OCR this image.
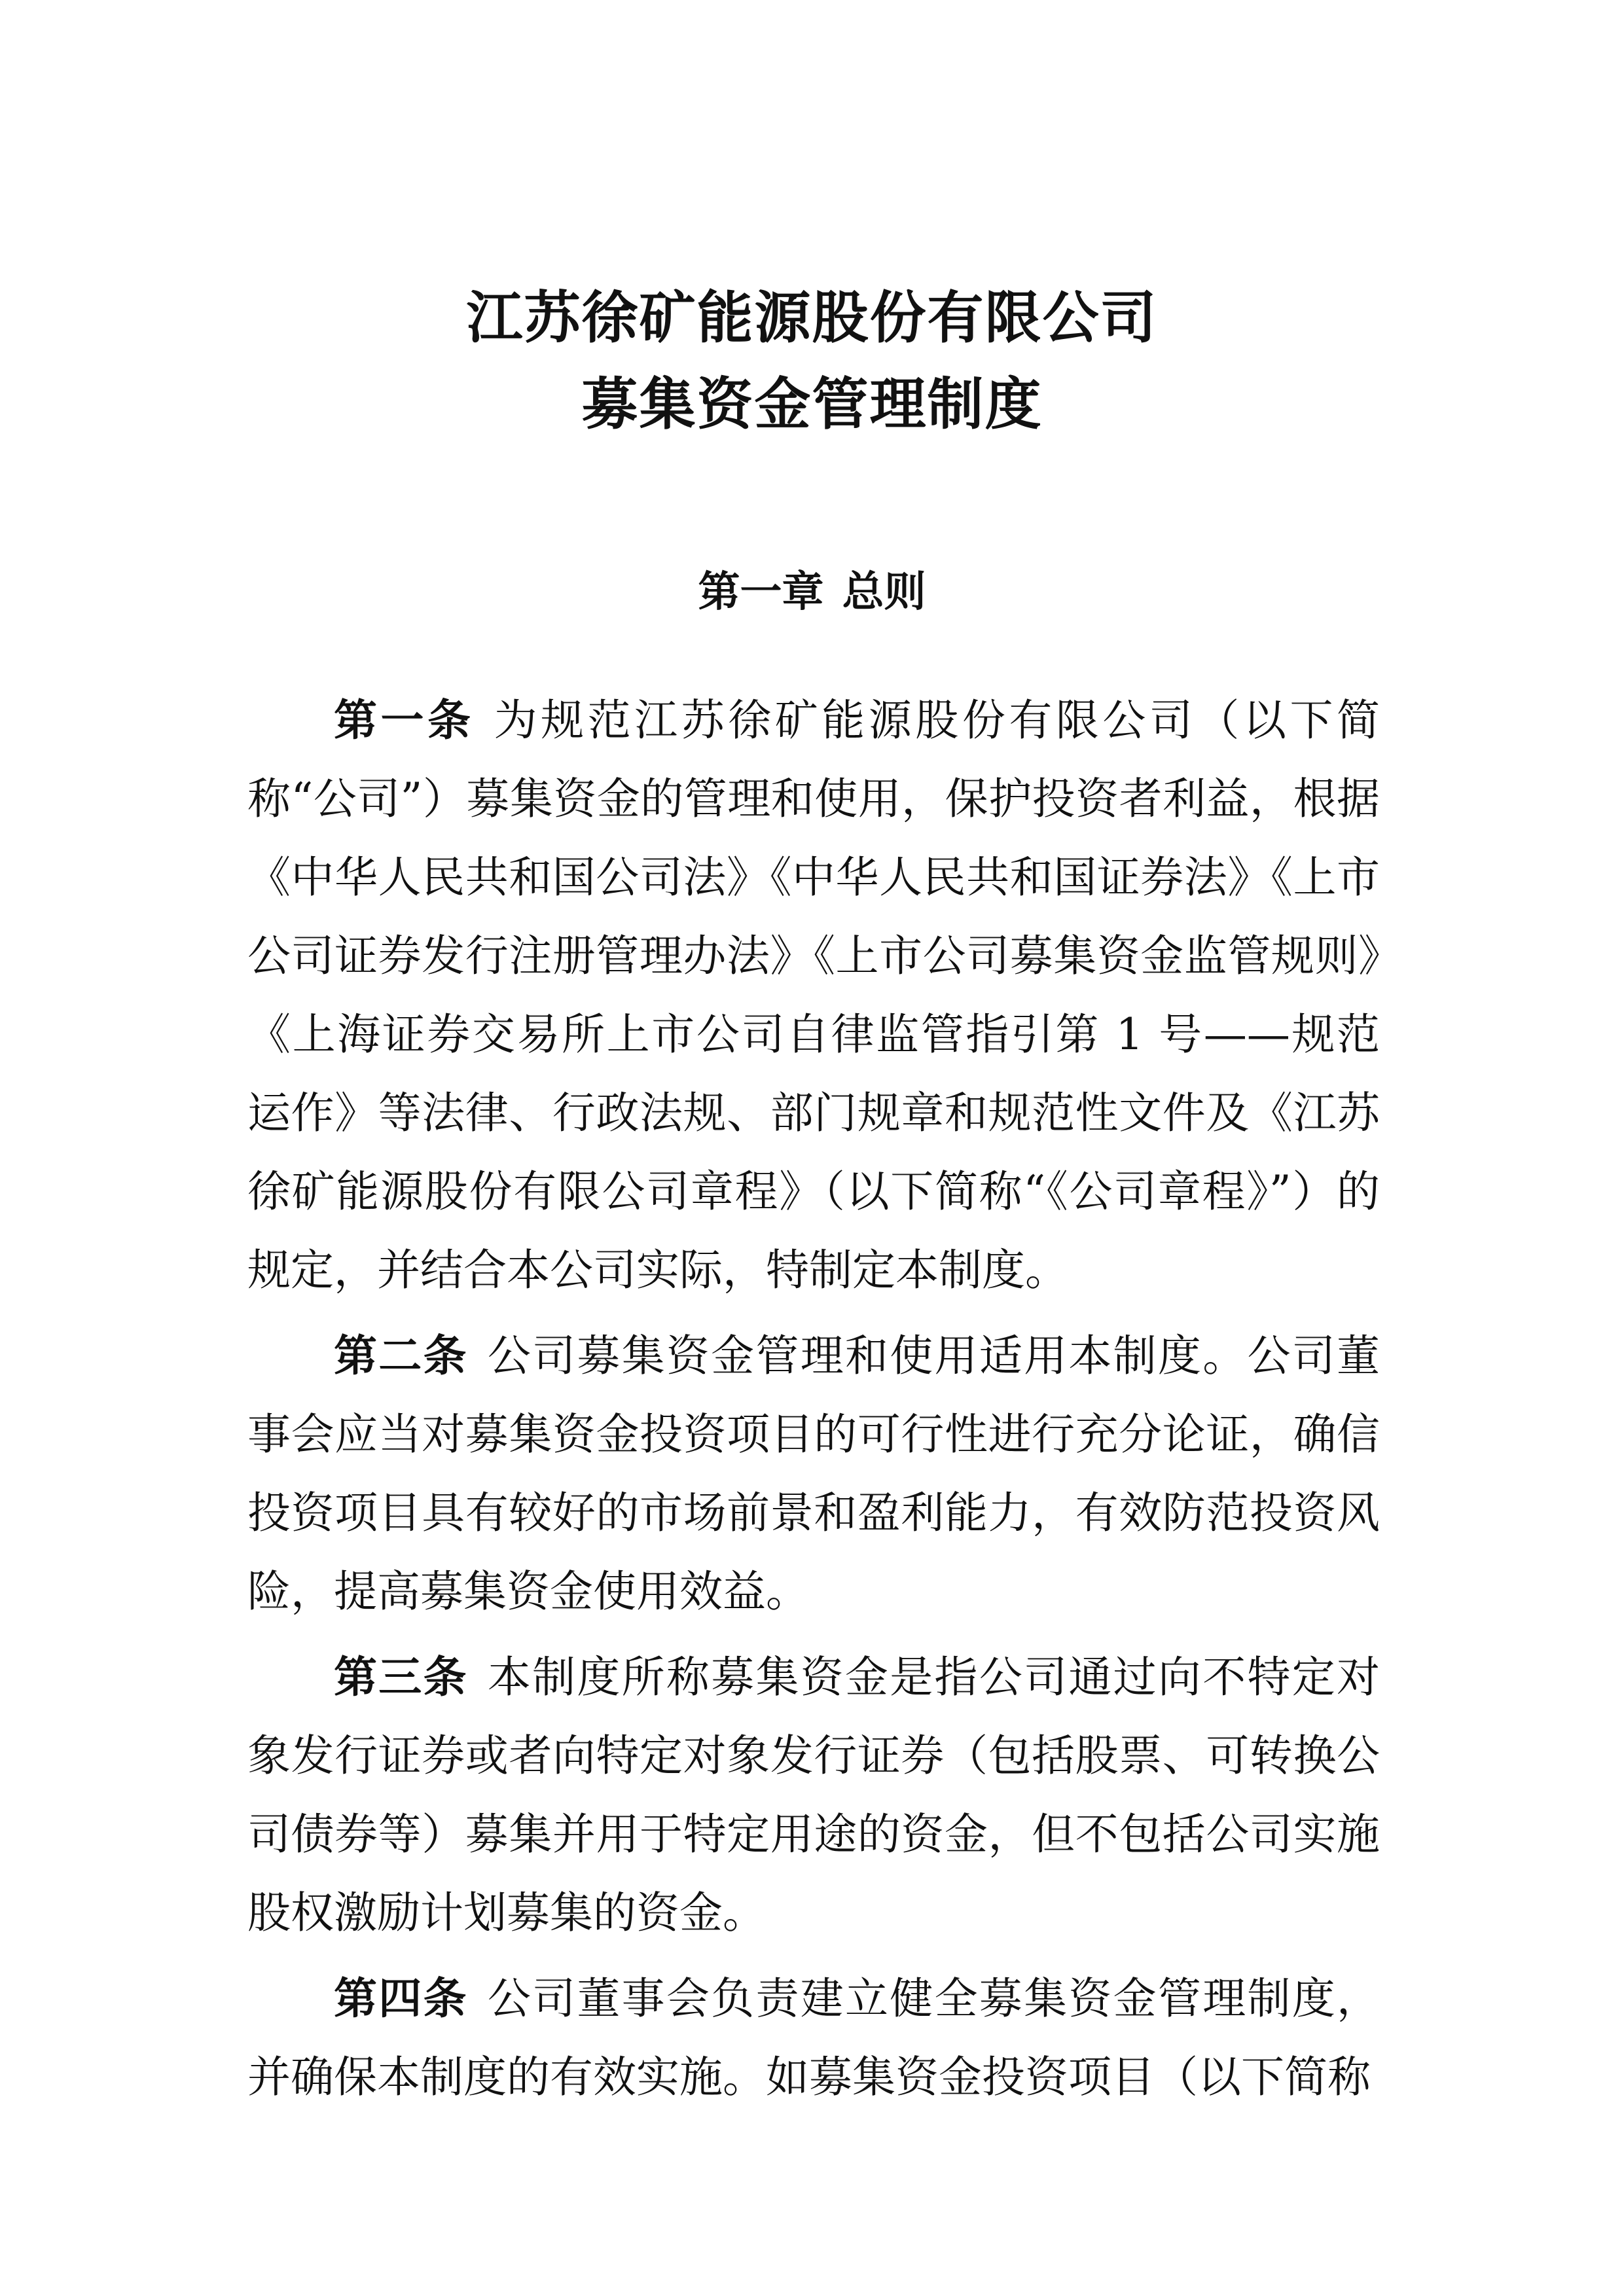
江苏徐矿能源股份有限公司
募集资金管理制度
第一章 总则

第一条 为规范江苏徐矿能源股份有限公司（以下简称“公司”）募集资金的管理和使用，保护投资者利益，根据《中华人民共和国公司法》《中华人民共和国证券法》《上市公司证券发行注册管理办法》《上市公司募集资金监管规则》《上海证券交易所上市公司自律监管指引第 1 号——规范运作》等法律、行政法规、部门规章和规范性文件及《江苏徐矿能源股份有限公司章程》（以下简称“《公司章程》”）的规定，并结合本公司实际，特制定本制度。

第二条 公司募集资金管理和使用适用本制度。公司董事会应当对募集资金投资项目的可行性进行充分论证，确信投资项目具有较好的市场前景和盈利能力，有效防范投资风险，提高募集资金使用效益。

第三条 本制度所称募集资金是指公司通过向不特定对象发行证券或者向特定对象发行证券（包括股票、可转换公司债券等）募集并用于特定用途的资金，但不包括公司实施股权激励计划募集的资金。

第四条 公司董事会负责建立健全募集资金管理制度，并确保本制度的有效实施。如募集资金投资项目（以下简称
